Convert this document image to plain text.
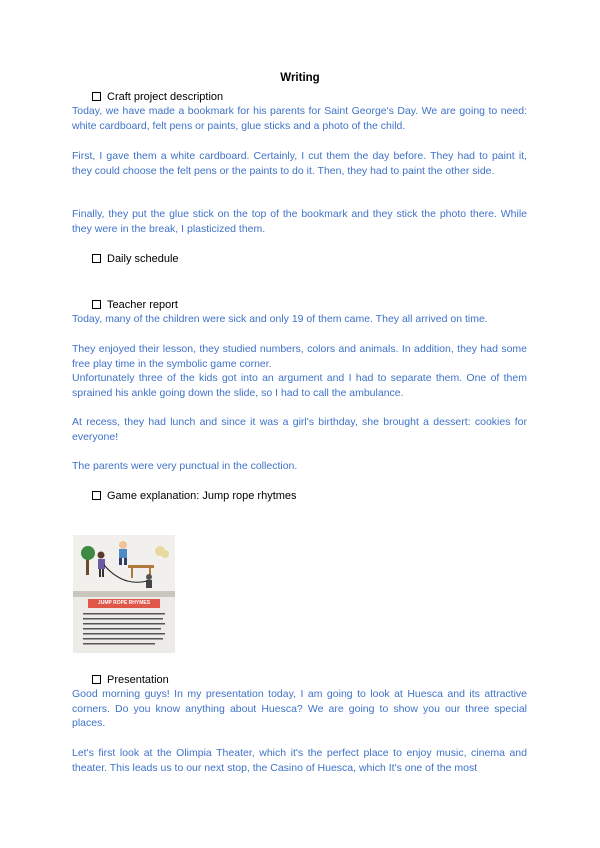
Writing
Craft project description
Today, we have made a bookmark for his parents for Saint George's Day. We are going to need: white cardboard, felt pens or paints, glue sticks and a photo of the child.
First, I gave them a white cardboard. Certainly, I cut them the day before. They had to paint it, they could choose the felt pens or the paints to do it. Then, they had to paint the other side.
Finally, they put the glue stick on the top of the bookmark and they stick the photo there. While they were in the break, I plasticized them.
Daily schedule
Teacher report
Today, many of the children were sick and only 19 of them came. They all arrived on time.
They enjoyed their lesson, they studied numbers, colors and animals. In addition, they had some free play time in the symbolic game corner.
Unfortunately three of the kids got into an argument and I had to separate them. One of them sprained his ankle going down the slide, so I had to call the ambulance.
At recess, they had lunch and since it was a girl's birthday, she brought a dessert: cookies for everyone!
The parents were very punctual in the collection.
Game explanation: Jump rope rhytmes
JUMP ROPE RHYMES
Presentation
Good morning guys! In my presentation today, I am going to look at Huesca and its attractive corners. Do you know anything about Huesca? We are going to show you our three special places.
Let's first look at the Olimpia Theater, which it's the perfect place to enjoy music, cinema and theater. This leads us to our next stop, the Casino of Huesca, which It's one of the most
